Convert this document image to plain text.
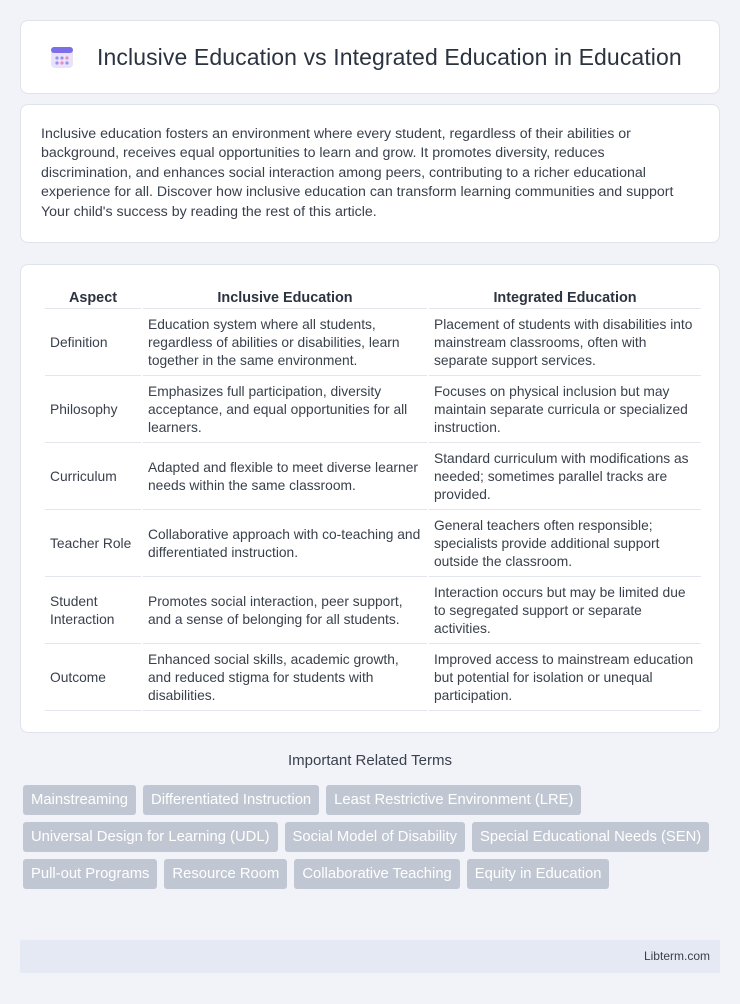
Inclusive Education vs Integrated Education in Education

Inclusive education fosters an environment where every student, regardless of their abilities or background, receives equal opportunities to learn and grow. It promotes diversity, reduces discrimination, and enhances social interaction among peers, contributing to a richer educational experience for all. Discover how inclusive education can transform learning communities and support Your child's success by reading the rest of this article.

Aspect	Inclusive Education	Integrated Education
Definition	Education system where all students, regardless of abilities or disabilities, learn together in the same environment.	Placement of students with disabilities into mainstream classrooms, often with separate support services.
Philosophy	Emphasizes full participation, diversity acceptance, and equal opportunities for all learners.	Focuses on physical inclusion but may maintain separate curricula or specialized instruction.
Curriculum	Adapted and flexible to meet diverse learner needs within the same classroom.	Standard curriculum with modifications as needed; sometimes parallel tracks are provided.
Teacher Role	Collaborative approach with co-teaching and differentiated instruction.	General teachers often responsible; specialists provide additional support outside the classroom.
Student Interaction	Promotes social interaction, peer support, and a sense of belonging for all students.	Interaction occurs but may be limited due to segregated support or separate activities.
Outcome	Enhanced social skills, academic growth, and reduced stigma for students with disabilities.	Improved access to mainstream education but potential for isolation or unequal participation.
Important Related Terms
Mainstreaming	Differentiated Instruction	Least Restrictive Environment (LRE)
Universal Design for Learning (UDL)	Social Model of Disability	Special Educational Needs (SEN)
Pull-out Programs	Resource Room	Collaborative Teaching	Equity in Education
Libterm.com
